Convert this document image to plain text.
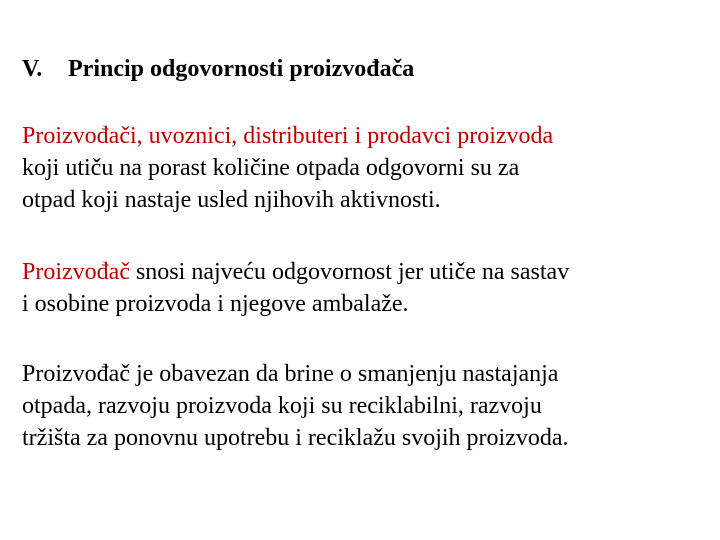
V. Princip odgovornosti proizvođača

Proizvođači, uvoznici, distributeri i prodavci proizvoda
koji utiču na porast količine otpada odgovorni su za
otpad koji nastaje usled njihovih aktivnosti.

Proizvođač snosi najveću odgovornost jer utiče na sastav
i osobine proizvoda i njegove ambalaže.

Proizvođač je obavezan da brine o smanjenju nastajanja
otpada, razvoju proizvoda koji su reciklabilni, razvoju
tržišta za ponovnu upotrebu i reciklažu svojih proizvoda.
